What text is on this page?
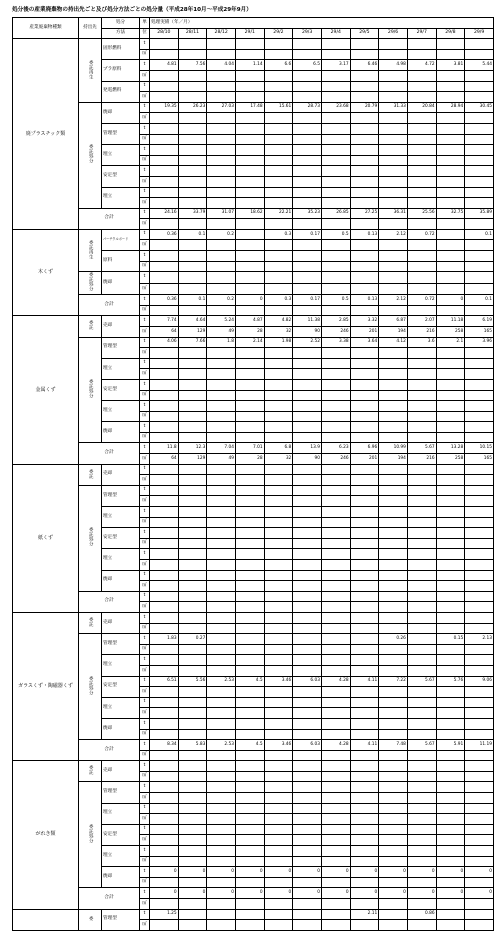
処分後の産業廃棄物の持出先ごと及び処分方法ごとの処分量（平成28年10月～平成29年9月）
産業廃棄物種類	持出先	処分	単	処理実績（年／月）											
		方法	位	28/10	28/11	28/12	29/1	29/2	29/3	29/4	29/5	29/6	29/7	29/8	29/9
廃プラスチック類	委託再生	固形燃料	t												
			㎥												
		プラ原料	t	4.81	7.56	4.04	1.14	6.6	6.5	3.17	6.46	4.98	4.72	3.81	5.44
			㎥												
		発電燃料	t												
			㎥												
	委託処分	焼却	t	19.35	26.23	27.03	17.48	15.61	28.73	23.68	20.79	31.33	20.84	28.94	30.45
			㎥												
		管理型	t												
			㎥												
		埋立	t												
			㎥												
		安定型	t												
			㎥												
		埋立	t												
			㎥												
	合計		t	24.16	33.79	31.07	18.62	22.21	35.23	26.85	27.25	36.31	25.56	32.75	35.89
			㎥												
木くず	委託再生	パーチクルボード	t	0.36	0.1	0.2		0.3	0.17	0.5	0.13	2.12	0.72		0.1
			㎥												
		原料	t												
			㎥												
	委託処分	焼却	t												
			㎥												
	合計		t	0.36	0.1	0.2	0	0.3	0.17	0.5	0.13	2.12	0.72	0	0.1
			㎥												
金属くず	委託	売却	t	7.74	4.64	5.24	4.87	4.82	11.38	2.85	3.32	6.87	2.07	11.18	6.19
			㎥	64	129	49	28	32	90	246	201	194	216	258	165
	委託処分	管理型	t	4.06	7.66	1.8	2.14	1.98	2.52	3.38	3.64	4.12	3.6	2.1	3.96
			㎥												
		埋立	t												
			㎥												
		安定型	t												
			㎥												
		埋立	t												
			㎥												
		焼却	t												
			㎥												
	合計		t	11.8	12.3	7.04	7.01	6.8	13.9	6.23	6.96	10.99	5.67	13.28	10.15
			㎥	64	129	49	28	32	90	246	201	194	216	258	165
紙くず	委託	売却	t												
			㎥												
	委託処分	管理型	t												
			㎥												
		埋立	t												
			㎥												
		安定型	t												
			㎥												
		埋立	t												
			㎥												
		焼却	t												
			㎥												
	合計		t												
			㎥												
ガラスくず・陶磁器くず	委託	売却	t												
			㎥												
	委託処分	管理型	t	1.83	0.27							0.26		0.15	2.13
			㎥												
		埋立	t												
			㎥												
		安定型	t	6.51	5.56	2.53	4.5	3.46	6.03	4.28	4.11	7.22	5.67	5.76	9.06
			㎥												
		埋立	t												
			㎥												
		焼却	t												
			㎥												
	合計		t	8.34	5.83	2.53	4.5	3.46	6.03	4.28	4.11	7.48	5.67	5.91	11.19
			㎥												
がれき類	委託	売却	t												
			㎥												
	委託処分	管理型	t												
			㎥												
		埋立	t												
			㎥												
		安定型	t												
			㎥												
		埋立	t												
			㎥												
		焼却	t	0	0	0	0	0	0	0	0	0	0	0	0
			㎥												
	合計		t	0	0	0	0	0	0	0	0	0	0	0	0
			㎥												
	委	管理型	t	1.25							2.11		0.86		
			㎥												
